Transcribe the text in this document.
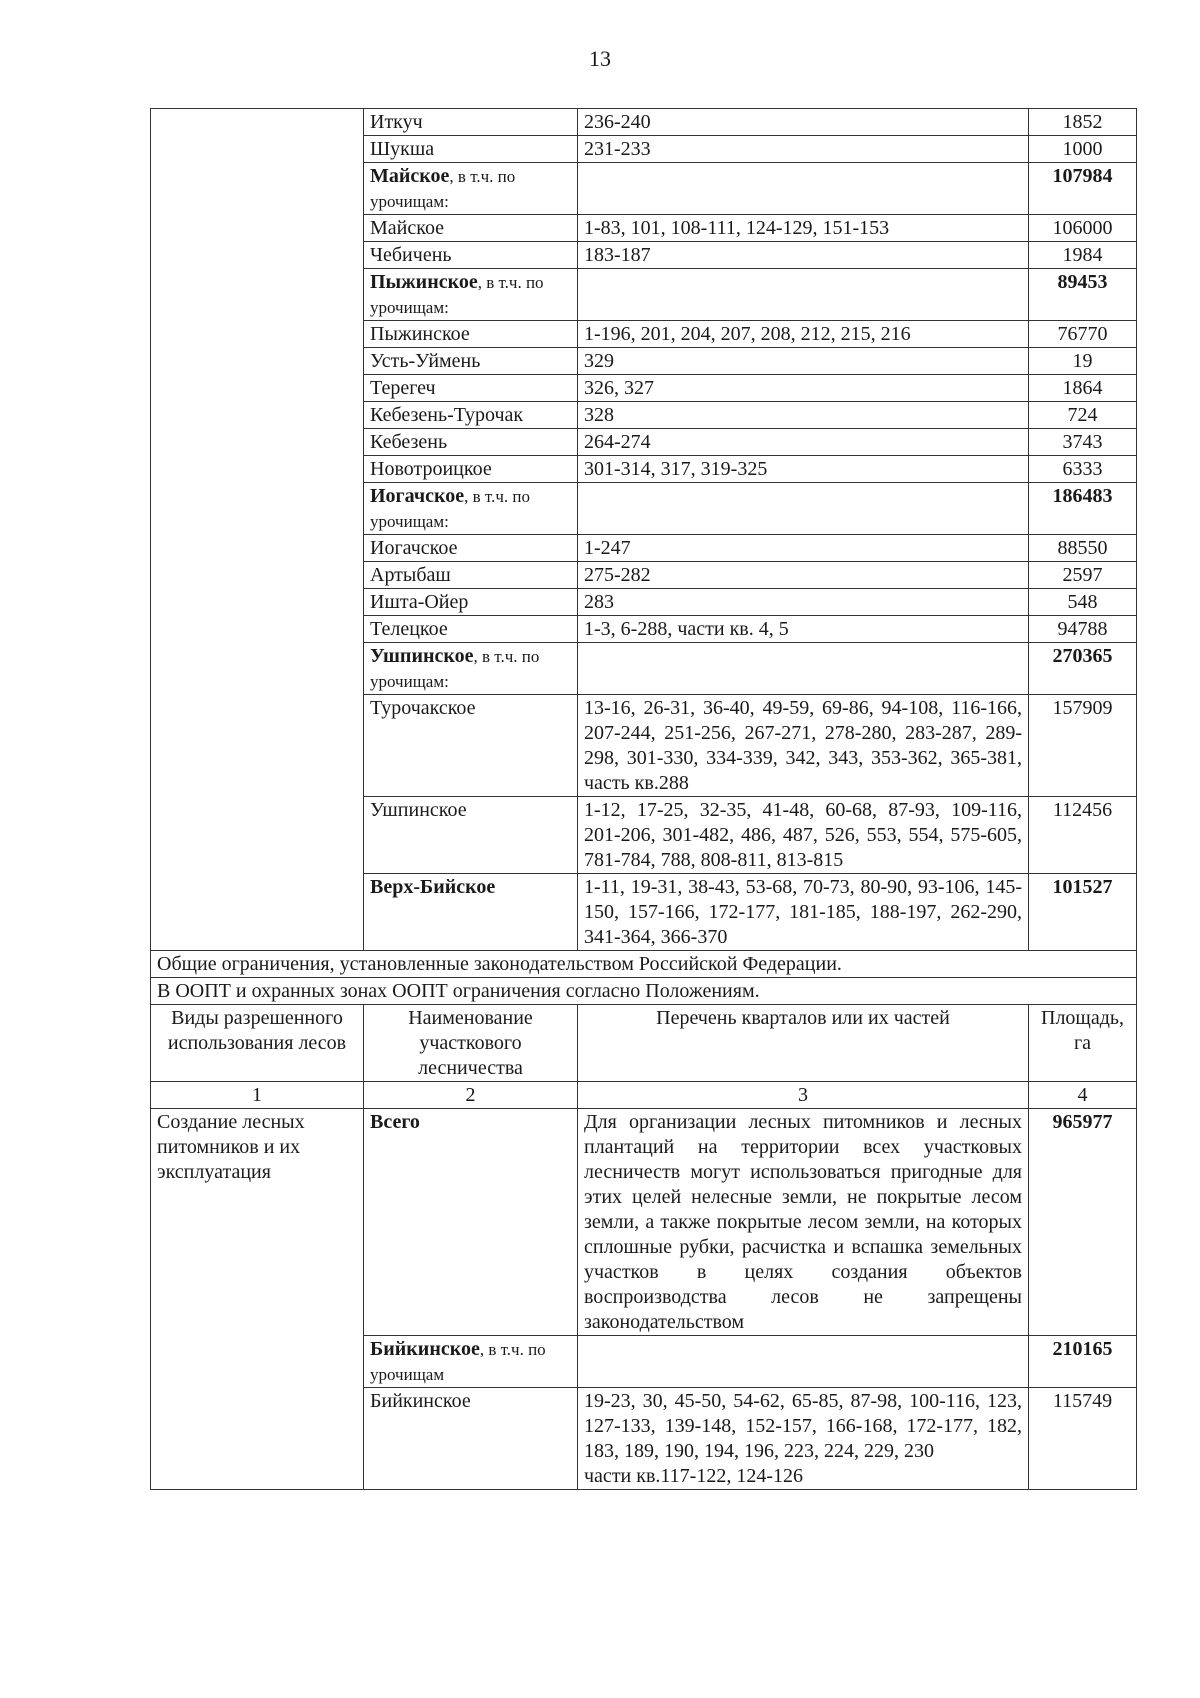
13
	Иткуч	236-240	1852
	Шукша	231-233	1000
	Майское, в т.ч. по урочищам:		107984
	Майское	1-83, 101, 108-111, 124-129, 151-153	106000
	Чебичень	183-187	1984
	Пыжинское, в т.ч. по урочищам:		89453
	Пыжинское	1-196, 201, 204, 207, 208, 212, 215, 216	76770
	Усть-Уймень	329	19
	Терегеч	326, 327	1864
	Кебезень-Турочак	328	724
	Кебезень	264-274	3743
	Новотроицкое	301-314, 317, 319-325	6333
	Иогачское, в т.ч. по урочищам:		186483
	Иогачское	1-247	88550
	Артыбаш	275-282	2597
	Ишта-Ойер	283	548
	Телецкое	1-3, 6-288, части кв. 4, 5	94788
	Ушпинское, в т.ч. по урочищам:		270365
	Турочакское	13-16, 26-31, 36-40, 49-59, 69-86, 94-108, 116-166, 207-244, 251-256, 267-271, 278-280, 283-287, 289-298, 301-330, 334-339, 342, 343, 353-362, 365-381, часть кв.288	157909
	Ушпинское	1-12, 17-25, 32-35, 41-48, 60-68, 87-93, 109-116, 201-206, 301-482, 486, 487, 526, 553, 554, 575-605, 781-784, 788, 808-811, 813-815	112456
	Верх-Бийское	1-11, 19-31, 38-43, 53-68, 70-73, 80-90, 93-106, 145-150, 157-166, 172-177, 181-185, 188-197, 262-290, 341-364, 366-370	101527
Общие ограничения, установленные законодательством Российской Федерации.			
В ООПТ и охранных зонах ООПТ ограничения согласно Положениям.			
Виды разрешенного использования лесов	Наименование участкового лесничества	Перечень кварталов или их частей	Площадь, га
1	2	3	4
Создание лесных питомников и их эксплуатация	Всего	Для организации лесных питомников и лесных плантаций на территории всех участковых лесничеств могут использоваться пригодные для этих целей нелесные земли, не покрытые лесом земли, а также покрытые лесом земли, на которых сплошные рубки, расчистка и вспашка земельных участков в целях создания объектов воспроизводства лесов не запрещены законодательством	965977
	Бийкинское, в т.ч. по урочищам		210165
	Бийкинское	19-23, 30, 45-50, 54-62, 65-85, 87-98, 100-116, 123, 127-133, 139-148, 152-157, 166-168, 172-177, 182, 183, 189, 190, 194, 196, 223, 224, 229, 230
части кв.117-122, 124-126	115749
